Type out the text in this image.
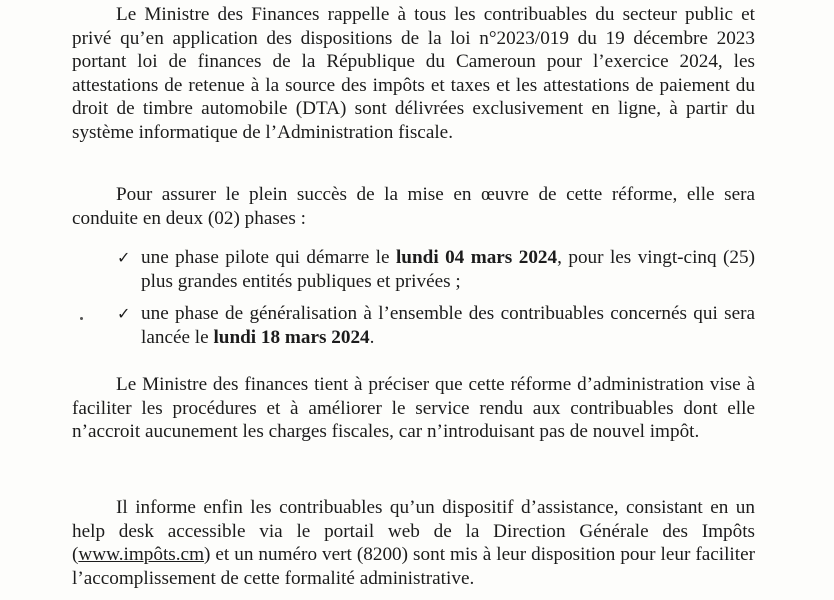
Le Ministre des Finances rappelle à tous les contribuables du secteur public et privé qu’en application des dispositions de la loi n°2023/019 du 19 décembre 2023 portant loi de finances de la République du Cameroun pour l’exercice 2024, les attestations de retenue à la source des impôts et taxes et les attestations de paiement du droit de timbre automobile (DTA) sont délivrées exclusivement en ligne, à partir du système informatique de l’Administration fiscale.

Pour assurer le plein succès de la mise en œuvre de cette réforme, elle sera conduite en deux (02) phases :

✓ une phase pilote qui démarre le lundi 04 mars 2024, pour les vingt-cinq (25) plus grandes entités publiques et privées ;
✓ une phase de généralisation à l’ensemble des contribuables concernés qui sera lancée le lundi 18 mars 2024.

Le Ministre des finances tient à préciser que cette réforme d’administration vise à faciliter les procédures et à améliorer le service rendu aux contribuables dont elle n’accroit aucunement les charges fiscales, car n’introduisant pas de nouvel impôt.

Il informe enfin les contribuables qu’un dispositif d’assistance, consistant en un help desk accessible via le portail web de la Direction Générale des Impôts (www.impôts.cm) et un numéro vert (8200) sont mis à leur disposition pour leur faciliter l’accomplissement de cette formalité administrative.
